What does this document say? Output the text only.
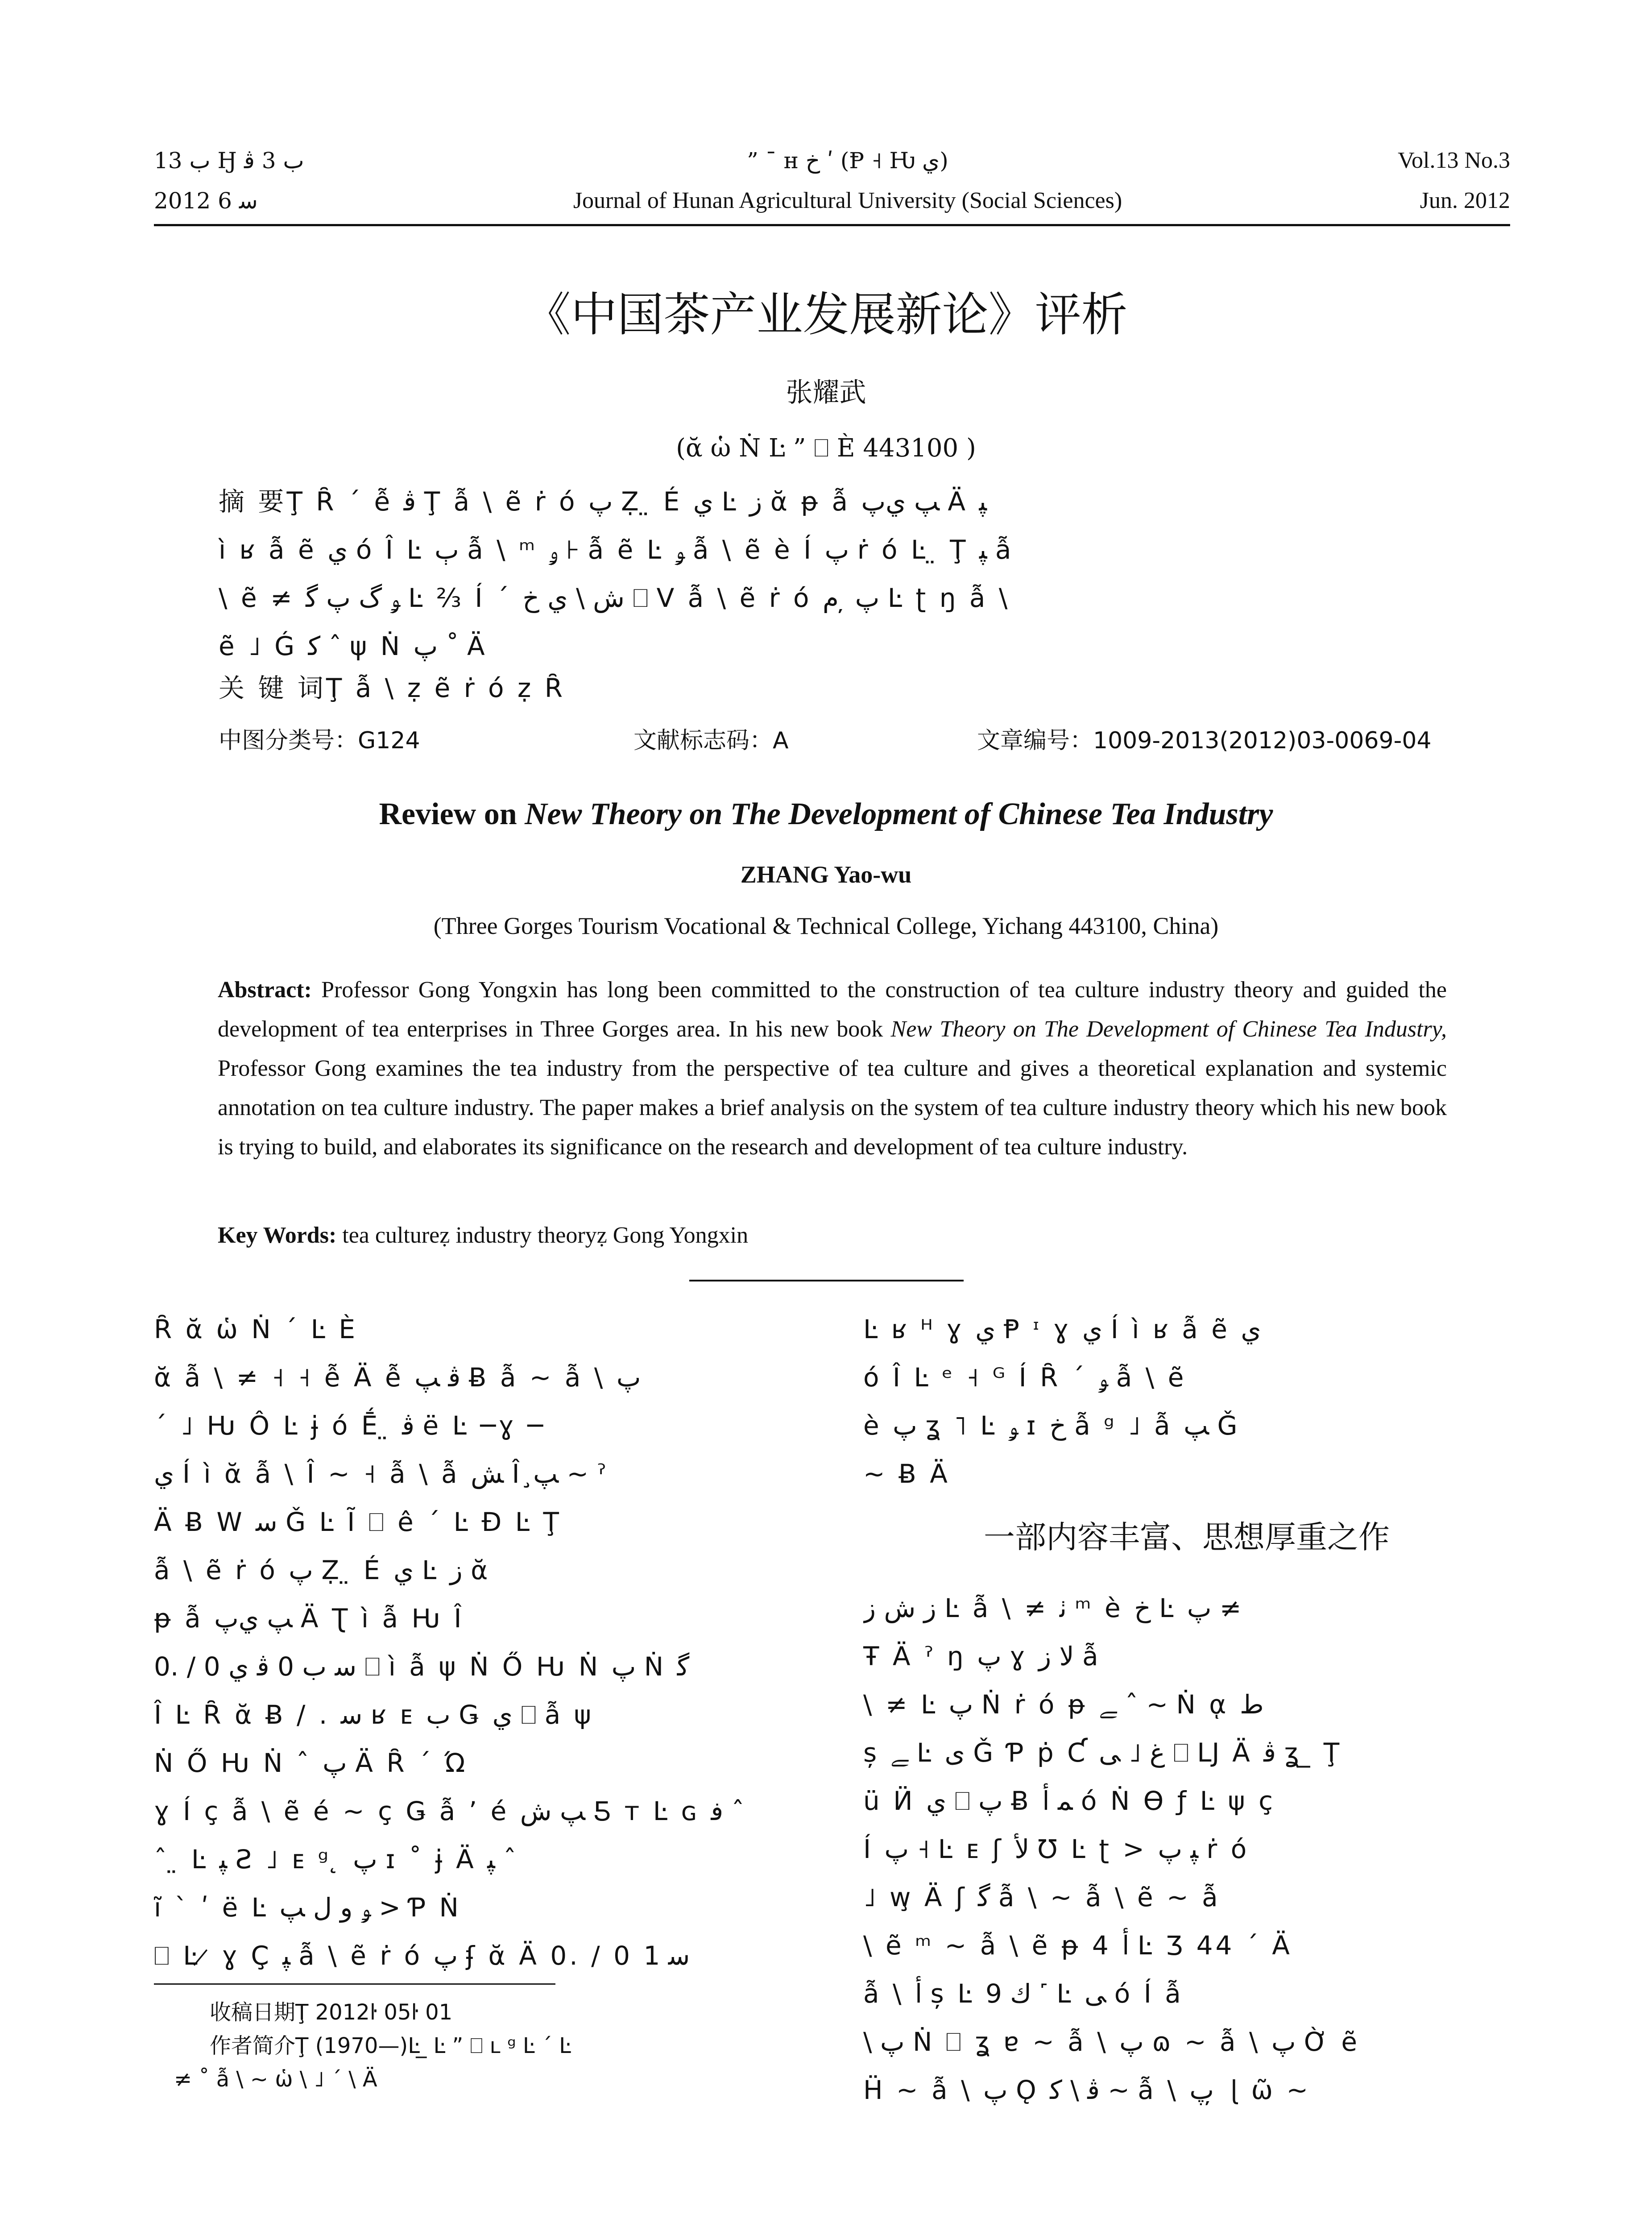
ﺏ 13 Ӈ ﺏ 3 ﭬ
2012 ﺳ 6
” ¯ ʜ ﺥ ʹ (Ᵽ ˧ Ƕ ﻱ)
Journal of Hunan Agricultural University (Social Sciences)
Vol.13 No.3
Jun. 2012
《中国茶产业发展新论》评析
张耀武
(ᾰ ὡ Ṅ Ŀ ” ⎕ È 443100 )
摘 要Ţ Ȓ ΄ ễ ﭬ Ţ ẫ \ ẽ ṙ ó ﭖ Ẓ ̤ É ﻱ Ŀ ﺯ ᾰ ᵽ ẫ ﭗ ﻱﭖ Ä ﭙ
ì ʁ ẫ ẽ ﻱ ó Î Ŀ ﭒ ẫ \ ᵐ ﯠ ⊦ ẫ ẽ Ŀ ﯡ ẫ \ ẽ è Í ﭖ ṙ ó Ŀ ̤ Ţ ﭙ ẫ
\ ẽ ≠ ﯡ ﮒ ﭖ ﮔ Ŀ ⅔ Í ˊ ﺵ \ ﻱ ﺥ ⎕ V ẫ \ ẽ ṙ ó ﭖ ̦ ﻡ Ŀ ʈ ŋ ẫ \
ẽ ˩ Ǵ ﻛ ˆ ψ Ṅ ﭖ ˚ Ä
关 键 词Ţ ẫ \ ẓ ẽ ṙ ó ẓ Ȓ
中图分类号：G124	文献标志码：A	文章编号：1009-2013(2012)03-0069-04
Review on New Theory on The Development of Chinese Tea Industry
ZHANG Yao-wu
(Three Gorges Tourism Vocational & Technical College, Yichang 443100, China)
Abstract: Professor Gong Yongxin has long been committed to the construction of tea culture industry theory and guided the development of tea enterprises in Three Gorges area. In his new book New Theory on The Development of Chinese Tea Industry, Professor Gong examines the tea industry from the perspective of tea culture and gives a theoretical explanation and systemic annotation on tea culture industry. The paper makes a brief analysis on the system of tea culture industry theory which his new book is trying to build, and elaborates its significance on the research and development of tea culture industry.
Key Words: tea cultureẓ industry theoryẓ Gong Yongxin
Ȓ ᾰ ὡ Ṅ ΄ Ŀ È
ᾰ ẫ \ ≠ ˧ ˧ ễ Ä ễ ﭬ ﭗ Ƀ ẫ ~ ẫ \ ﭖ
΄ ˩ Ƕ Ô Ŀ ɉ ó Ḗ ̤ ﭬ ë Ŀ ─ɣ ─
ﻱ Í ì ᾰ ẫ \ Î ~ ˧ ẫ \ ẫ ﺶ Î ﭗ̧ ~ ˀ
Ä Ƀ W ﺳ Ǧ Ŀ Ĩ ⎕ ê ΄ Ŀ Ɖ Ŀ Ţ
ẫ \ ẽ ṙ ó ﭖ Ẓ ̤ É ﻱ Ŀ ﺯ ᾰ
ᵽ ẫ ﭗ ﻱﭖ Ä Ʈ ì ẫ Ƕ Î
0. / 0 ﺳ ﺏ 0 ﭬ ﻱ ⎕ ì ẫ ψ Ṅ Ő Ƕ Ṅ ﭖ Ṅ ﮔ
Î Ŀ Ȓ ᾰ Ƀ / . ﺳ ʁ ᴇ ﺏ Ǥ ﻱ ⎕ ẫ ψ
Ṅ Ő Ƕ Ṅ ˆ ﭖ Ä Ȓ ΄ Ώ
ɣ Í ç ẫ \ ẽ é ~ ç Ǥ ẫ ’ é ﭗ ﺵ Ƽ ᴛ Ŀ ɢ ﻓ ˆ
ˆ ̤ Ŀ ﭙ Ƨ ˩ ᴇ ᵍ ̨ ﭖ ɪ ˚ ɉ Ä ﭙ ˆ
ĩ ˋ ʹ ë Ŀ ﯡ ﻭ ﻝ ﭗ > Ƥ Ṅ
⎕ Ŀ ̷ ɣ Ç ﭙ ẫ \ ẽ ṙ ó ﭖ ʄ ᾰ Ä 0. / 0 ﺳ 1
收稿日期Ţ 2012ŀ 05ŀ 01
作者简介Ţ (1970—)Ŀ ̲ Ŀ ” ⎕ ʟ ᵍ Ŀ ΄ Ŀ
≠ ˚ ẫ \ ~ ὡ \ ˩ ΄ \ Ä
Ŀ ʁ ᴴ ɣ ﻱ Ᵽ ᶦ ɣ ﻱ Í ì ʁ ẫ ẽ ﻱ
ó Î Ŀ ᵉ ˧ ᴳ Í Ȓ ΄ ﯡ ẫ \ ẽ
è ﭖ ʓ ˥ Ŀ ﯡ ɪ ﺥ ẫ ᵍ ˩ ẫ ﭗ Ǧ
~ Ƀ Ä
一部内容丰富、思想厚重之作
ﺯ ﺵ ﺯ Ŀ ẫ \ ≠ ﭠ ᵐ è ﺥ Ŀ ﭖ ≠
Ŧ Ä ˀ ŋ ﭖ ɣ ﻻ ﺯ ẫ
\ ≠ Ŀ ﭖ Ṅ ṙ ó ᵽ ﮯ ˆ ~ Ṅ ᾳ ﻁ
ș ﮯ Ŀ ﯼ Ǧ Ƥ ṗ Ƈ ﻍ ˩ ﯽ ⎕ Ǉ Ä ﭬ ʓ ̲ Ţ
ü Ӥ ﻱ ⎕ ﭖ Ƀ ﻤ ﺃ ó Ṅ Ө ƒ Ŀ ψ ç
Í ﭖ ˧ Ŀ ᴇ ʃ ﻷ Ʊ Ŀ ʈ > ﭙ ﭖ ṙ ó
˩ w̧ Ä ʃ ﮔ ẫ \ ~ ẫ \ ẽ ~ ẫ
\ ẽ ᵐ ~ ẫ \ ẽ ᵽ 4 ﺃ Ŀ Ʒ 44 ΄ Ä
ẫ \ ﺃ ș Ŀ ﻙ 9 ˹ Ŀ ﯽ ó Í ẫ
\ ﭖ Ṅ ⎕ ʓ ɐ ~ ẫ \ ﭖ ɷ ~ ẫ \ ﭖ Ờ ẽ
Ḧ ~ ẫ \ ﭖ Ǫ ﭬ \ ﻛ ~ ẫ \ ﭖ ̦ ɭ ῶ ~
